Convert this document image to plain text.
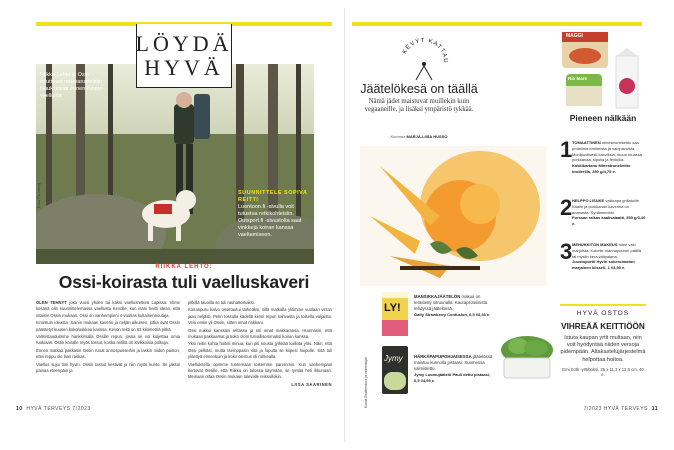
Riikka Lehto ja Ossi totuttavat retkivarusteisiin Nuuksiossa ennen Kevon-vaellusta.
SUUNNITTELE SOPIVA REITTI
Luontoon.fi -sivulla voit tutustua retkikohteisiin. Outsport.fi -sivustolta saat vinkkejä koiran kanssa vaeltamiseen.
Kuva Pia Inberg
LÖYDÄ
HYVÄ
RIIKKA LEHTO:
Ossi-koirasta tuli vaelluskaveri

OLEN TEHNYT joka vuosi yhden tai kaksi vaellusretkeä Lapissa. Viime kesänä olin suunnittelemassa vaellusta Kevolle, kun isäni heitti idean, että ottaisin Ossin mukaan. Ossi on vanhempieni 4-vuotias kultainennoutaja.

Innostuin ideasta. Sainin mukaan kaverin ja neljän aikuisen, jotka ovat Ossin päästetyt kuusen kokoluokkaa kanssa. Kevon reitti on 63 kilometriä pitkä.

Valmistauduimme hankkimalla Ossille repun, jossa se voi kuljettaa omia ruokiaan. Ostin koiralle myös tossut, koska reitillä on kivikkoisia polkuja.

Ennen matkaa pakkasin Ossin ruoat annospusseihin ja laskin niiden painon, ettei reppu ole liian raskas.

Vaellus sujui tosi hyvin. Ossin tassut kestivät ja niin myös kunto. Se jaksoi painaa eteenpäin ja

pitkillä tauoilla se tuli rauhattomaksi.

Koiranpuru kalvo osoittautui tärkeäksi, sillä matkalla ylitimme vuolaan virran jaan neljästi. Pelin tossulla kädellä kiinni repun kahvasta ja toisella valjaista. Vein ensin yli Ossin, sitten omat rinkkani.

Ossi nukkui kanssani teltassa ja söi omat makkaransa. Huomasin, että mukaan pakkaamat ja koko oloni turvallisemmaksi koiran kanssa.

Yksi reitin kohta hoiteli minua, kun piti nousta jyrkkää kalliota ylös. Näin, että Ossi pelkäsi, mutta tsemppasin sitä ja lopulta se kiipesi huipulle. Sitä tuli ylitettyä ennenkuin ja koko olemus oli rohkealla.

Vaelluksella opimme tuntemaan toisemme paremmin. Kun vanhempani kertovat Ossille, että Riikka on tulossa käymään, se ryntää heti ikkunaan. Meinaan ottaa Ossin mukaan tulevalle reissullekin.

LIISA SAARINEN
10 HYVÄ TERVEYS 7/2023
KEVYT KATTAU
Jäätelökesä on täällä
Nämä jädet maistuvat muillekin kuin vegaaneille, ja lisäksi ympäristö tykkää.
Koonnut MARJA-LIISA HUSSO
Kuvat Shutterstock ja valmistajat
LY!
MANSIKKAJÄÄTELÖN makua on terästetty sitruunalla. Kauraproteiinista tehdyssä jäätelössä.
Oatly Strawberry Confusion, 0,5 l/3,35 e.
Jymy	HÄRKÄPAPUPOHJAISESSA jäätelössä maistuu kunnolla pistaasi. Suomessa valmistettu.
Jymy Luomujäätelö Pauli dettu pistaasi, 0,5 l/4,95 e.
MAGGI
Rio Mare
Pieneen nälkään
1 TOMAATTINEN minestronekeitto saa proteiinia brolierista ja valopavuista. Monipuolisesti kasviksia, muun muassa porkkanaa, sipulia ja fenkolia.
Kokkikartano Minestronekeitto broilerilla, 350 g/4,79 e.
2 HELPPO LISUKE vaikkapa grillatuille. Kaalin ja porkkanan kaverina on ananasta. Sydänmerkki.
Forssan raikas kaalisalaatti, 350 g/3,40 e.
3 MEHUKKITON MAKEUS tulee vain marjoista. Kokeile mannapuuron päällä tai myslin kera välipalana.
Juustoportti Hyvin sokeroimaton marjainen kiisseli, 1 l/3,90 e.
HYVÄ OSTOS
VIHREÄÄ KEITTIÖÖN
Istuta kaupan yrtit multaan, niin voit hyödyntää niiden versoja pidempään. Altakastelujärjestelmä helpottaa hoitoa.
Emi Sotk -yrttiboksi, 25 x 11,3 x 12,5 cm, 40 e.
7/2023 HYVÄ TERVEYS 11
